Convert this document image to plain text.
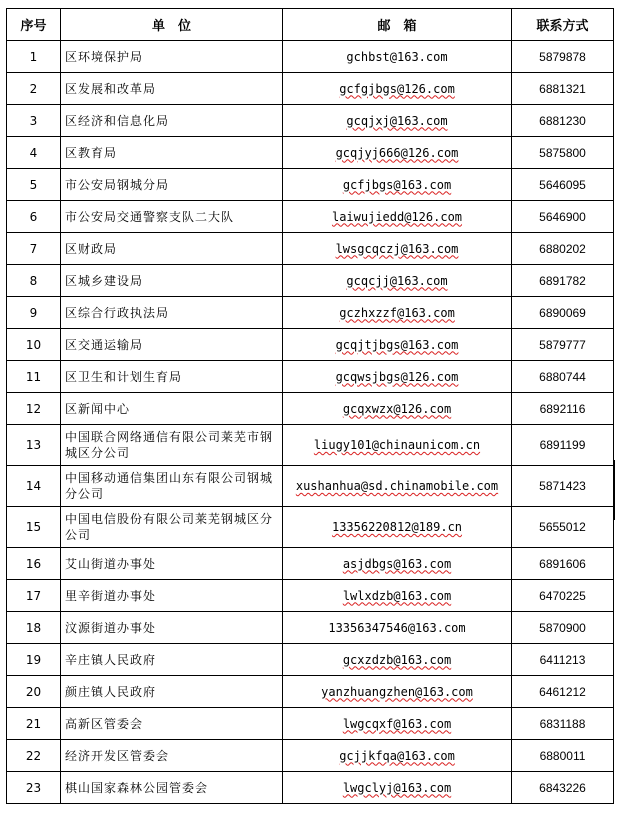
序号	单　位	邮　箱	联系方式
1	区环境保护局	gchbst@163.com	5879878
2	区发展和改革局	gcfgjbgs@126.com	6881321
3	区经济和信息化局	gcqjxj@163.com	6881230
4	区教育局	gcqjyj666@126.com	5875800
5	市公安局钢城分局	gcfjbgs@163.com	5646095
6	市公安局交通警察支队二大队	laiwujiedd@126.com	5646900
7	区财政局	lwsgcqczj@163.com	6880202
8	区城乡建设局	gcqcjj@163.com	6891782
9	区综合行政执法局	gczhxzzf@163.com	6890069
10	区交通运输局	gcqjtjbgs@163.com	5879777
11	区卫生和计划生育局	gcqwsjbgs@126.com	6880744
12	区新闻中心	gcqxwzx@126.com	6892116
13	中国联合网络通信有限公司莱芜市钢城区分公司	liugy101@chinaunicom.cn	6891199
14	中国移动通信集团山东有限公司钢城分公司	xushanhua@sd.chinamobile.com	5871423
15	中国电信股份有限公司莱芜钢城区分公司	13356220812@189.cn	5655012
16	艾山街道办事处	asjdbgs@163.com	6891606
17	里辛街道办事处	lwlxdzb@163.com	6470225
18	汶源街道办事处	13356347546@163.com	5870900
19	辛庄镇人民政府	gcxzdzb@163.com	6411213
20	颜庄镇人民政府	yanzhuangzhen@163.com	6461212
21	高新区管委会	lwgcqxf@163.com	6831188
22	经济开发区管委会	gcjjkfqa@163.com	6880011
23	棋山国家森林公园管委会	lwgclyj@163.com	6843226
